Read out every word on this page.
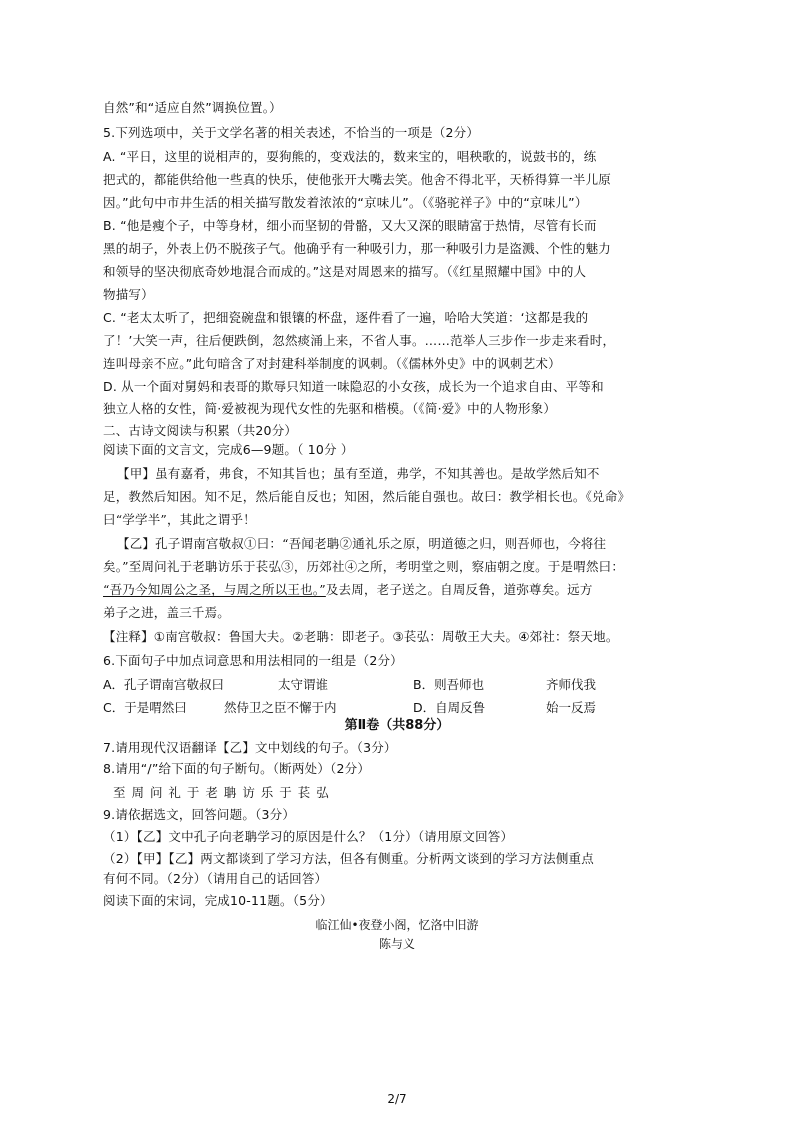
自然”和“适应自然”调换位置。）
5.下列选项中，关于文学名著的相关表述，不恰当的一项是（2分）
A. “平日，这里的说相声的，耍狗熊的，变戏法的，数来宝的，唱秧歌的，说鼓书的，练
把式的，都能供给他一些真的快乐，使他张开大嘴去笑。他舍不得北平，天桥得算一半儿原
因。”此句中市井生活的相关描写散发着浓浓的“京味儿”。（《骆驼祥子》中的“京味儿”）
B. “他是瘦个子，中等身材，细小而坚韧的骨骼，又大又深的眼睛富于热情，尽管有长而
黑的胡子，外表上仍不脱孩子气。他确乎有一种吸引力，那一种吸引力是盗溅、个性的魅力
和领导的坚决彻底奇妙地混合而成的。”这是对周恩来的描写。（《红星照耀中国》中的人
物描写）
C. “老太太听了，把细瓷碗盘和银镶的杯盘，逐件看了一遍，哈哈大笑道：‘这都是我的
了！’大笑一声，往后便跌倒，忽然痰涌上来，不省人事。……范举人三步作一步走来看时，
连叫母亲不应。”此句暗含了对封建科举制度的讽刺。（《儒林外史》中的讽刺艺术）
D. 从一个面对舅妈和表哥的欺辱只知道一味隐忍的小女孩，成长为一个追求自由、平等和
独立人格的女性，简·爱被视为现代女性的先驱和楷模。（《简·爱》中的人物形象）
二、古诗文阅读与积累（共20分）
阅读下面的文言文，完成6—9题。（ 10分 ）
【甲】虽有嘉肴，弗食，不知其旨也；虽有至道，弗学，不知其善也。是故学然后知不
足，教然后知困。知不足，然后能自反也；知困，然后能自强也。故曰：教学相长也。《兑命》
曰“学学半”，其此之谓乎！
【乙】孔子谓南宫敬叔①曰：“吾闻老聃②通礼乐之原，明道德之归，则吾师也，今将往
矣。”至周问礼于老聃访乐于苌弘③，历郊社④之所，考明堂之则，察庙朝之度。于是喟然曰：
“吾乃今知周公之圣，与周之所以王也。”及去周，老子送之。自周反鲁，道弥尊矣。远方
弟子之进，盖三千焉。
【注释】①南宫敬叔：鲁国大夫。②老聃：即老子。③苌弘：周敬王大夫。④郊社：祭天地。
6.下面句子中加点词意思和用法相同的一组是（2分）
A．孔子谓南宫敬叔曰	太守谓谁	B．则吾师也	齐师伐我
C．于是喟然曰	然侍卫之臣不懈于内	D．自周反鲁	始一反焉
第Ⅱ卷（共88分）
7.请用现代汉语翻译【乙】文中划线的句子。（3分）
8.请用“/”给下面的句子断句。（断两处）（2分）
至 周 问 礼 于 老 聃 访 乐 于 苌 弘
9.请依据选文，回答问题。（3分）
（1）【乙】文中孔子向老聃学习的原因是什么？（1分）（请用原文回答）
（2）【甲】【乙】两文都谈到了学习方法，但各有侧重。分析两文谈到的学习方法侧重点
有何不同。（2分）（请用自己的话回答）
阅读下面的宋词，完成10-11题。（5分）
临江仙•夜登小阁，忆洛中旧游
陈与义
2/7
